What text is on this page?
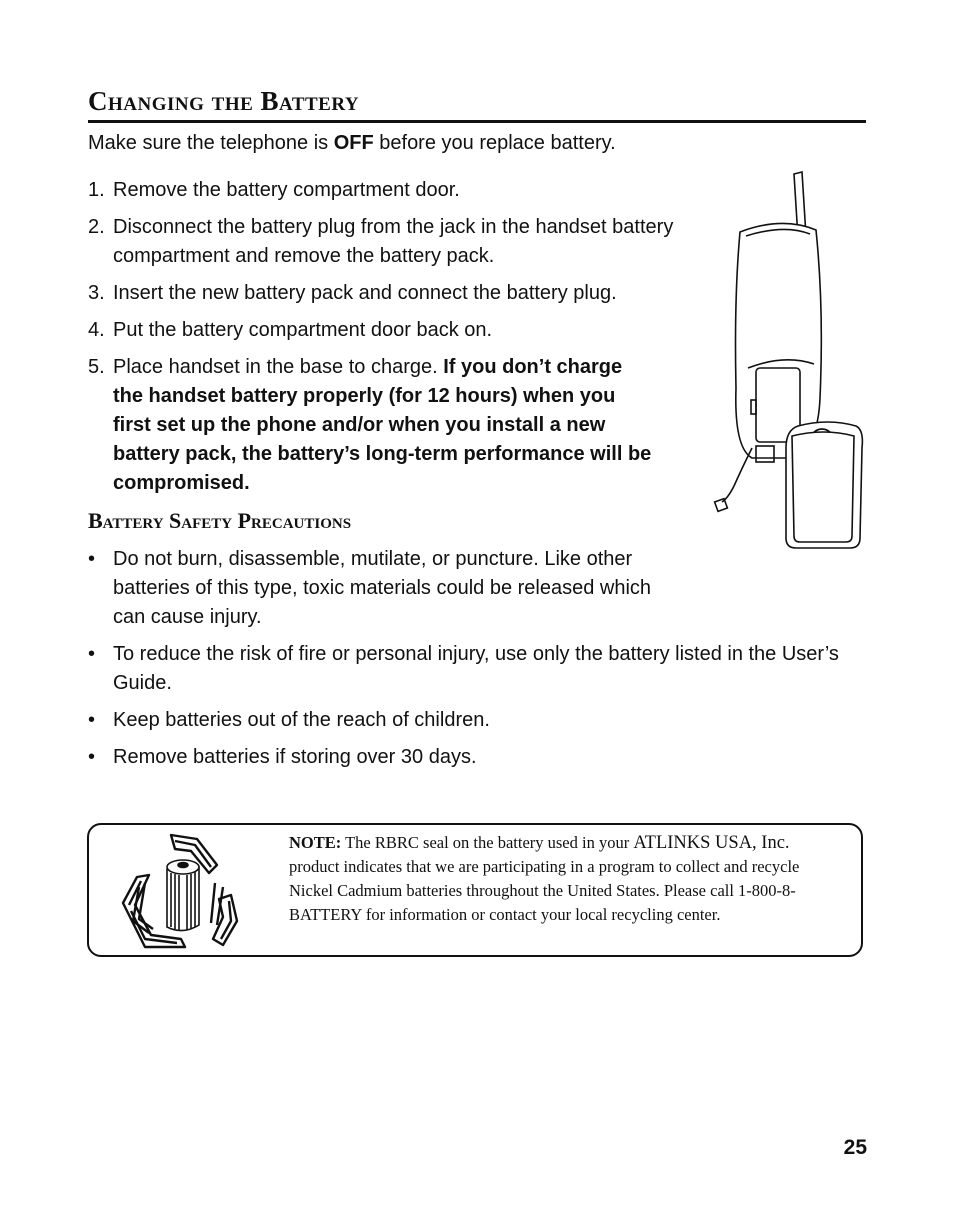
Changing the Battery
Make sure the telephone is OFF before you replace battery.
1. Remove the battery compartment door.
2. Disconnect the battery plug from the jack in the handset battery compartment and remove the battery pack.
3. Insert the new battery pack and connect the battery plug.
4. Put the battery compartment door back on.
5. Place handset in the base to charge. If you don’t charge the handset battery properly (for 12 hours) when you first set up the phone and/or when you install a new battery pack, the battery’s long-term performance will be compromised.
Battery Safety Precautions
• Do not burn, disassemble, mutilate, or puncture. Like other batteries of this type, toxic materials could be released which can cause injury.
• To reduce the risk of fire or personal injury, use only the battery listed in the User’s Guide.
• Keep batteries out of the reach of children.
• Remove batteries if storing over 30 days.
NOTE: The RBRC seal on the battery used in your ATLINKS USA, Inc. product indicates that we are participating in a program to collect and recycle Nickel Cadmium batteries throughout the United States. Please call 1-800-8-BATTERY for information or contact your local recycling center.
25
